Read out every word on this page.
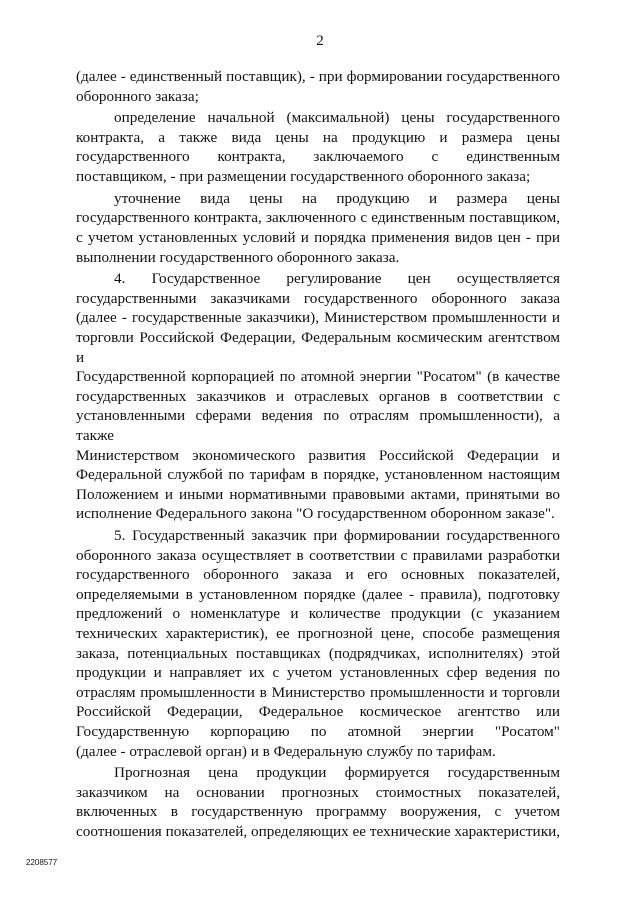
2
(далее - единственный поставщик), - при формировании государственного
оборонного заказа;
определение начальной (максимальной) цены государственного
контракта, а также вида цены на продукцию и размера цены
государственного контракта, заключаемого с единственным
поставщиком, - при размещении государственного оборонного заказа;
уточнение вида цены на продукцию и размера цены
государственного контракта, заключенного с единственным поставщиком,
с учетом установленных условий и порядка применения видов цен - при
выполнении государственного оборонного заказа.
4. Государственное регулирование цен осуществляется
государственными заказчиками государственного оборонного заказа
(далее - государственные заказчики), Министерством промышленности и
торговли Российской Федерации, Федеральным космическим агентством и
Государственной корпорацией по атомной энергии "Росатом" (в качестве
государственных заказчиков и отраслевых органов в соответствии с
установленными сферами ведения по отраслям промышленности), а также
Министерством экономического развития Российской Федерации и
Федеральной службой по тарифам в порядке, установленном настоящим
Положением и иными нормативными правовыми актами, принятыми во
исполнение Федерального закона "О государственном оборонном заказе".
5. Государственный заказчик при формировании государственного
оборонного заказа осуществляет в соответствии с правилами разработки
государственного оборонного заказа и его основных показателей,
определяемыми в установленном порядке (далее - правила), подготовку
предложений о номенклатуре и количестве продукции (с указанием
технических характеристик), ее прогнозной цене, способе размещения
заказа, потенциальных поставщиках (подрядчиках, исполнителях) этой
продукции и направляет их с учетом установленных сфер ведения по
отраслям промышленности в Министерство промышленности и торговли
Российской Федерации, Федеральное космическое агентство или
Государственную корпорацию по атомной энергии "Росатом"
(далее - отраслевой орган) и в Федеральную службу по тарифам.
Прогнозная цена продукции формируется государственным
заказчиком на основании прогнозных стоимостных показателей,
включенных в государственную программу вооружения, с учетом
соотношения показателей, определяющих ее технические характеристики,
2208577
